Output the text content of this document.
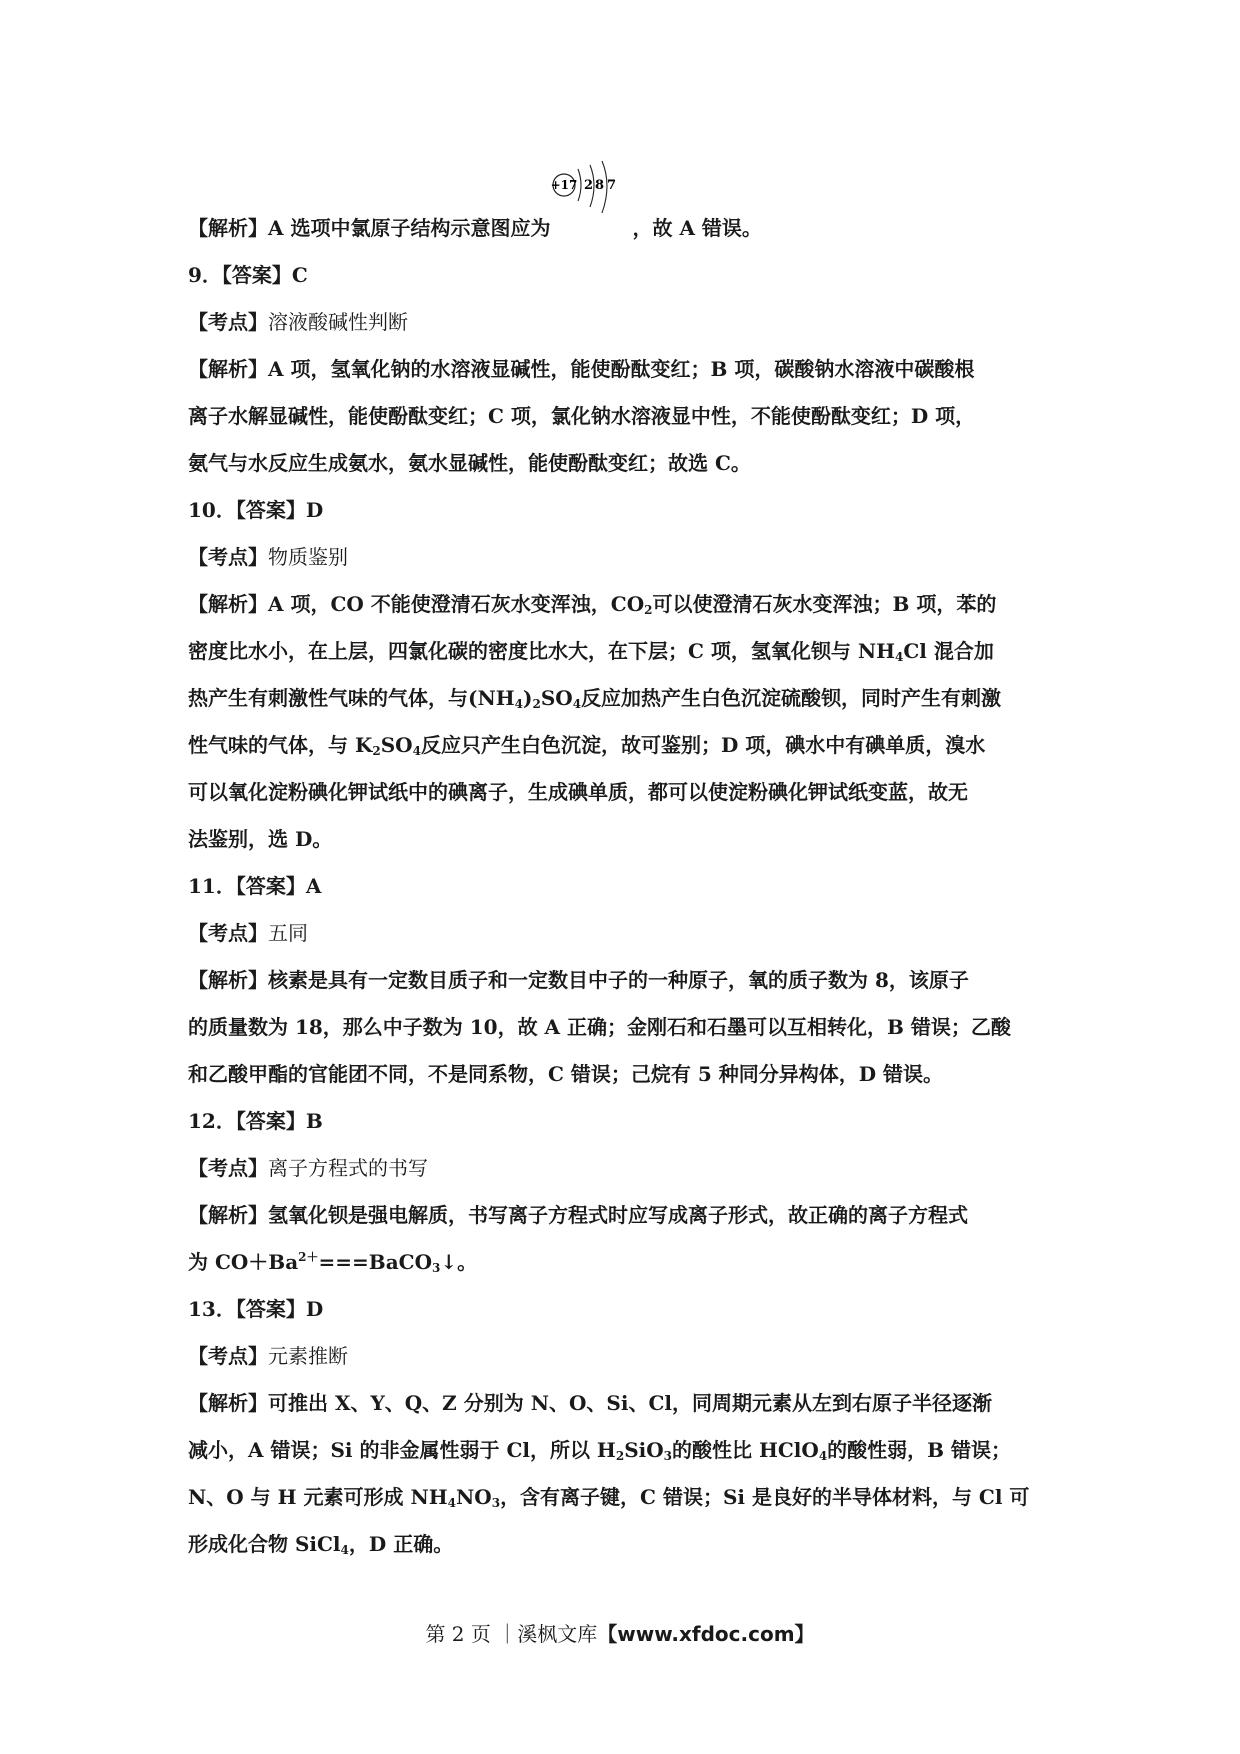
【解析】A 选项中氯原子结构示意图应为
+17 2 8 7
，故 A 错误。
9．【答案】C
【考点】溶液酸碱性判断
【解析】A 项，氢氧化钠的水溶液显碱性，能使酚酞变红；B 项，碳酸钠水溶液中碳酸根
离子水解显碱性，能使酚酞变红；C 项，氯化钠水溶液显中性，不能使酚酞变红；D 项，
氨气与水反应生成氨水，氨水显碱性，能使酚酞变红；故选 C。
10．【答案】D
【考点】物质鉴别
【解析】A 项，CO 不能使澄清石灰水变浑浊，$CO_2$可以使澄清石灰水变浑浊；B 项，苯的
密度比水小，在上层，四氯化碳的密度比水大，在下层；C 项，氢氧化钡与 $NH_4Cl$ 混合加
热产生有刺激性气味的气体，与$(NH_4)_2SO_4$反应加热产生白色沉淀硫酸钡，同时产生有刺激
性气味的气体，与 $K_2SO_4$反应只产生白色沉淀，故可鉴别；D 项，碘水中有碘单质，溴水
可以氧化淀粉碘化钾试纸中的碘离子，生成碘单质，都可以使淀粉碘化钾试纸变蓝，故无
法鉴别，选 D。
11．【答案】A
【考点】五同
【解析】核素是具有一定数目质子和一定数目中子的一种原子，氧的质子数为 8，该原子
的质量数为 18，那么中子数为 10，故 A 正确；金刚石和石墨可以互相转化，B 错误；乙酸
和乙酸甲酯的官能团不同，不是同系物，C 错误；己烷有 5 种同分异构体，D 错误。
12．【答案】B
【考点】离子方程式的书写
【解析】氢氧化钡是强电解质，书写离子方程式时应写成离子形式，故正确的离子方程式
为 $CO+Ba^{2+}===BaCO_3↓$。
13．【答案】D
【考点】元素推断
【解析】可推出 X、Y、Q、Z 分别为 N、O、Si、Cl，同周期元素从左到右原子半径逐渐
减小，A 错误；Si 的非金属性弱于 Cl，所以 $H_2SiO_3$的酸性比 HClO$_4$的酸性弱，B 错误；
N、O 与 H 元素可形成 $NH_4NO_3$，含有离子键，C 错误；Si 是良好的半导体材料，与 Cl 可
形成化合物 SiCl$_4$，D 正确。
第 2 页 ｜溪枫文库【www.xfdoc.com】
